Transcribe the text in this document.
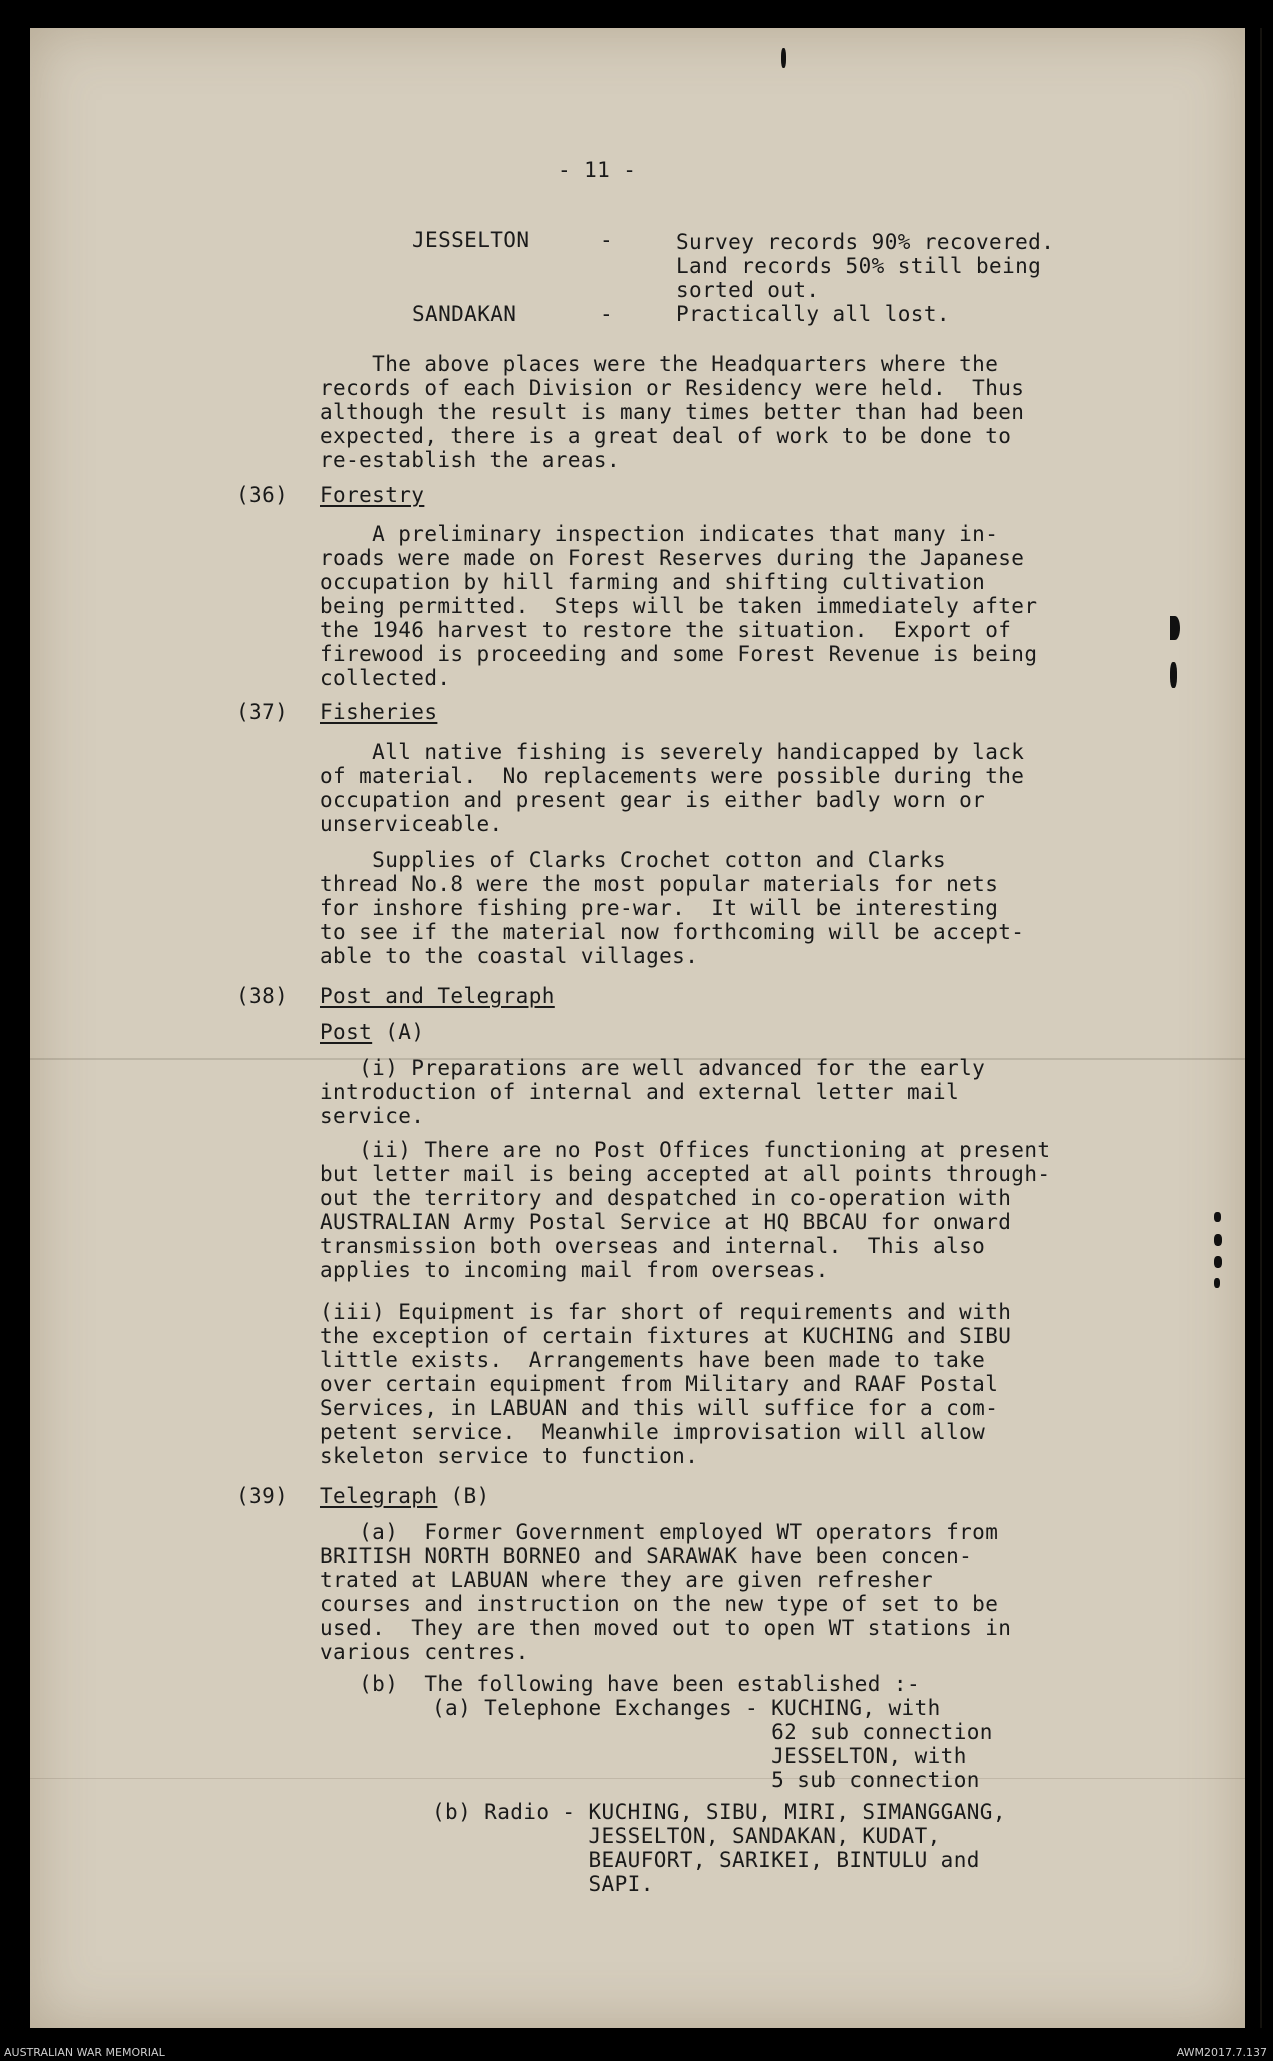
- 11 -
JESSELTON	-	Survey records 90% recovered.
Land records 50% still being
sorted out.
SANDAKAN	-	Practically all lost.
The above places were the Headquarters where the
records of each Division or Residency were held.  Thus
although the result is many times better than had been
expected, there is a great deal of work to be done to
re-establish the areas.
(36) Forestry
A preliminary inspection indicates that many in-
roads were made on Forest Reserves during the Japanese
occupation by hill farming and shifting cultivation
being permitted.  Steps will be taken immediately after
the 1946 harvest to restore the situation.  Export of
firewood is proceeding and some Forest Revenue is being
collected.
(37) Fisheries
All native fishing is severely handicapped by lack
of material.  No replacements were possible during the
occupation and present gear is either badly worn or
unserviceable.
Supplies of Clarks Crochet cotton and Clarks
thread No.8 were the most popular materials for nets
for inshore fishing pre-war.  It will be interesting
to see if the material now forthcoming will be accept-
able to the coastal villages.
(38) Post and Telegraph
Post (A)
(i) Preparations are well advanced for the early
introduction of internal and external letter mail
service.
(ii) There are no Post Offices functioning at present
but letter mail is being accepted at all points through-
out the territory and despatched in co-operation with
AUSTRALIAN Army Postal Service at HQ BBCAU for onward
transmission both overseas and internal.  This also
applies to incoming mail from overseas.
(iii) Equipment is far short of requirements and with
the exception of certain fixtures at KUCHING and SIBU
little exists.  Arrangements have been made to take
over certain equipment from Military and RAAF Postal
Services, in LABUAN and this will suffice for a com-
petent service.  Meanwhile improvisation will allow
skeleton service to function.
(39) Telegraph (B)
(a)  Former Government employed WT operators from
BRITISH NORTH BORNEO and SARAWAK have been concen-
trated at LABUAN where they are given refresher
courses and instruction on the new type of set to be
used.  They are then moved out to open WT stations in
various centres.
(b)  The following have been established :-
(a) Telephone Exchanges - KUCHING, with
62 sub connection
JESSELTON, with
5 sub connection
(b) Radio - KUCHING, SIBU, MIRI, SIMANGGANG,
JESSELTON, SANDAKAN, KUDAT,
BEAUFORT, SARIKEI, BINTULU and
SAPI.
AUSTRALIAN WAR MEMORIAL	AWM2017.7.137
